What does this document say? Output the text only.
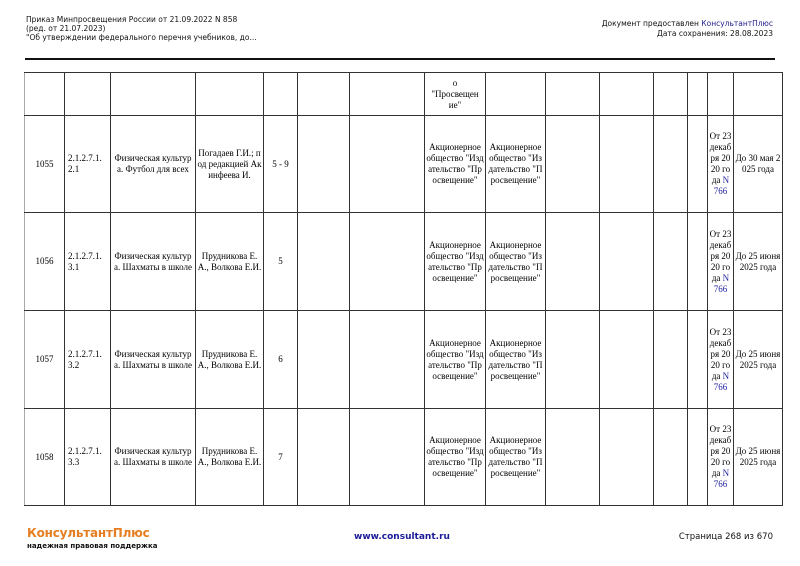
Приказ Минпросвещения России от 21.09.2022 N 858
(ред. от 21.07.2023)
"Об утверждении федерального перечня учебников, до...
Документ предоставлен КонсультантПлюс
Дата сохранения: 28.08.2023

							о
"Просвещен
ие"							

1055	2.1.2.7.1. 2.1	Физическая культура. Футбол для всех	Погадаев Г.И.; под редакцией Акинфеева И.	5 - 9			Акционерное общество "Издательство "Просвещение"	Акционерное общество "Издательство "Просвещение"					От 23 декабря 2020 года N 766	До 30 мая 2025 года
1056	2.1.2.7.1. 3.1	Физическая культура. Шахматы в школе	Прудникова Е.А., Волкова Е.И.	5			Акционерное общество "Издательство "Просвещение"	Акционерное общество "Издательство "Просвещение"					От 23 декабря 2020 года N 766	До 25 июня 2025 года
1057	2.1.2.7.1. 3.2	Физическая культура. Шахматы в школе	Прудникова Е.А., Волкова Е.И.	6			Акционерное общество "Издательство "Просвещение"	Акционерное общество "Издательство "Просвещение"					От 23 декабря 2020 года N 766	До 25 июня 2025 года
1058	2.1.2.7.1. 3.3	Физическая культура. Шахматы в школе	Прудникова Е.А., Волкова Е.И.	7			Акционерное общество "Издательство "Просвещение"	Акционерное общество "Издательство "Просвещение"					От 23 декабря 2020 года N 766	До 25 июня 2025 года
КонсультантПлюс
надежная правовая поддержка
www.consultant.ru	Страница 268 из 670
